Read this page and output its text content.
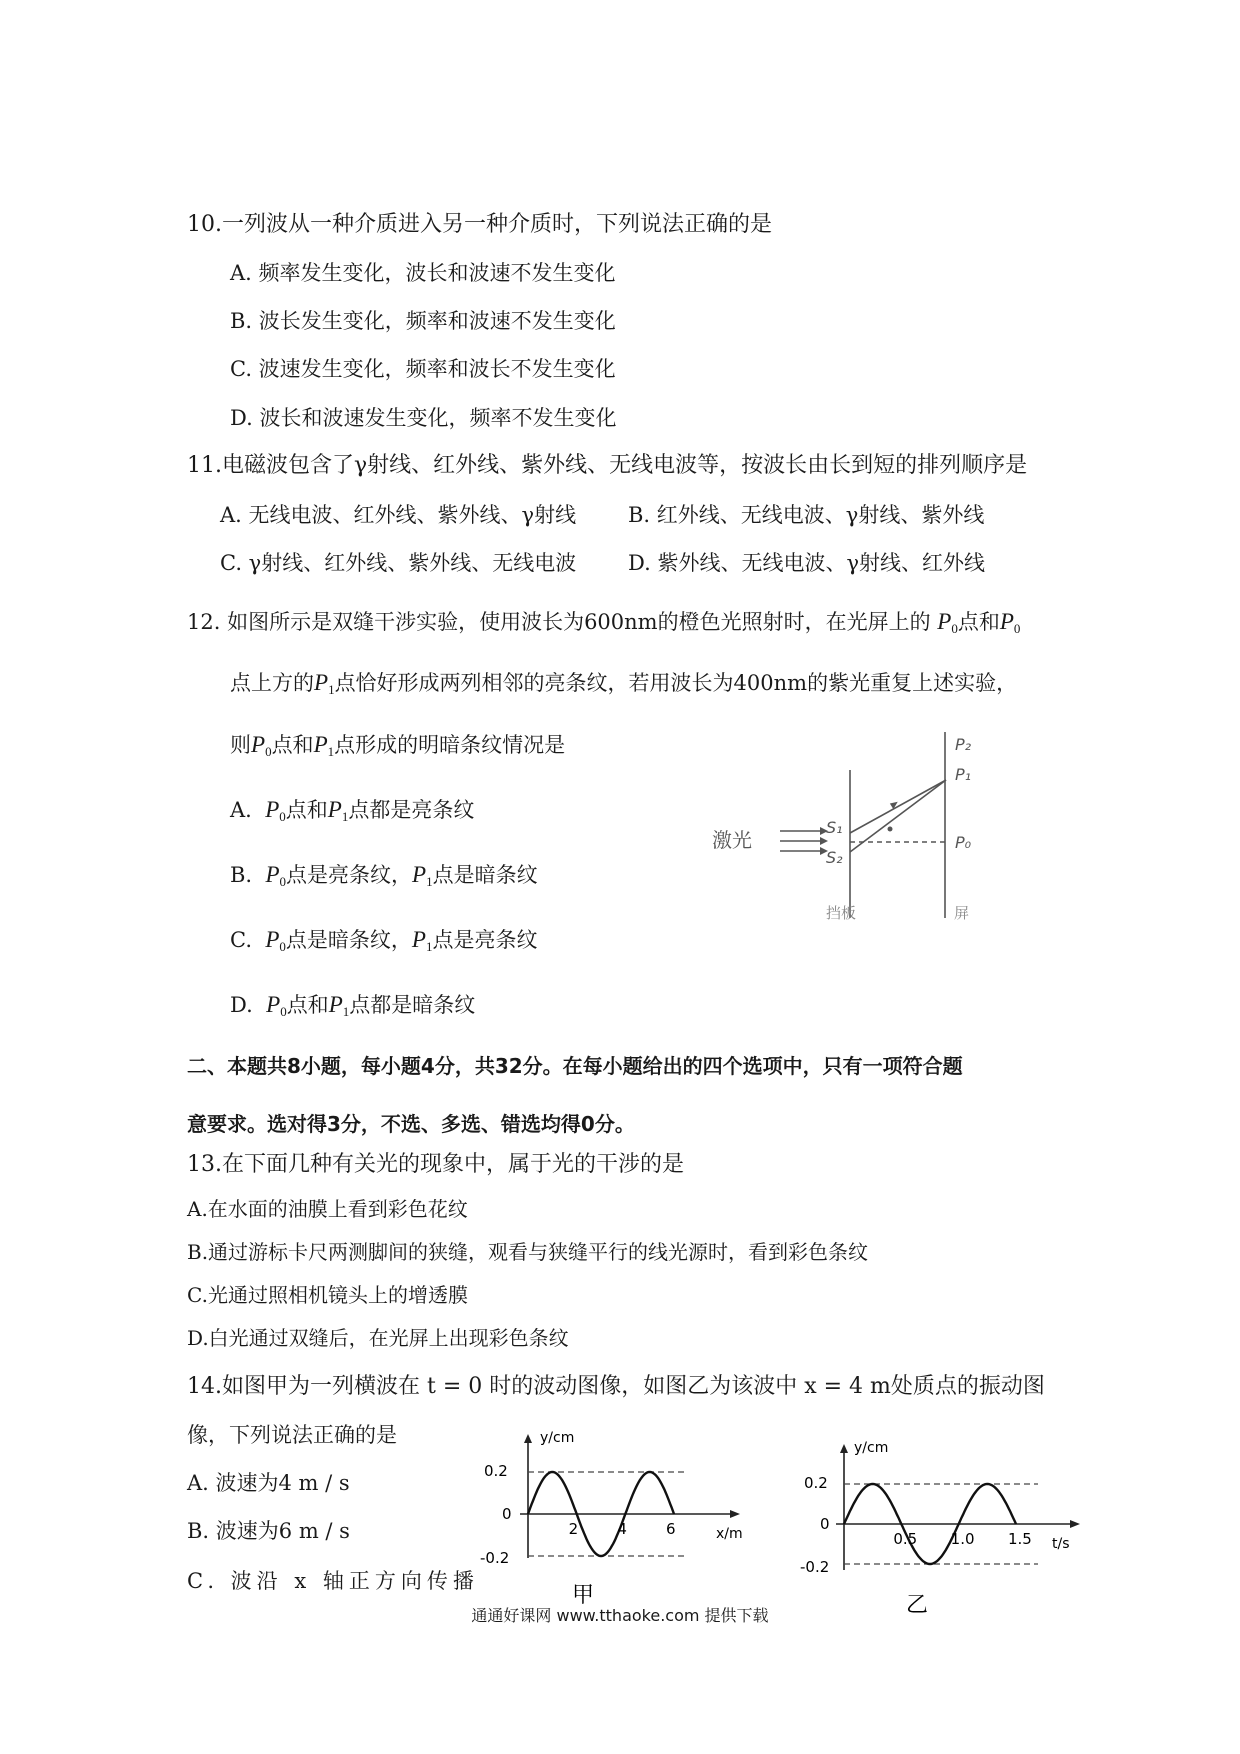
10.一列波从一种介质进入另一种介质时，下列说法正确的是
A. 频率发生变化，波长和波速不发生变化
B. 波长发生变化，频率和波速不发生变化
C. 波速发生变化，频率和波长不发生变化
D. 波长和波速发生变化，频率不发生变化
11.电磁波包含了γ射线、红外线、紫外线、无线电波等，按波长由长到短的排列顺序是
A. 无线电波、红外线、紫外线、γ射线 B. 红外线、无线电波、γ射线、紫外线
C. γ射线、红外线、紫外线、无线电波 D. 紫外线、无线电波、γ射线、红外线
12. 如图所示是双缝干涉实验，使用波长为600nm的橙色光照射时，在光屏上的 $P_0$点和$P_0$
点上方的$P_1$点恰好形成两列相邻的亮条纹，若用波长为400nm的紫光重复上述实验，
则$P_0$点和$P_1$点形成的明暗条纹情况是
A. $P_0$点和$P_1$点都是亮条纹
B. $P_0$点是亮条纹，$P_1$点是暗条纹
C. $P_0$点是暗条纹，$P_1$点是亮条纹
D. $P_0$点和$P_1$点都是暗条纹
激光
S₁
S₂
P₂
P₁
P₀
挡板	屏
二、本题共8小题，每小题4分，共32分。在每小题给出的四个选项中，只有一项符合题
意要求。选对得3分，不选、多选、错选均得0分。
13.在下面几种有关光的现象中，属于光的干涉的是
A.在水面的油膜上看到彩色花纹
B.通过游标卡尺两测脚间的狭缝，观看与狭缝平行的线光源时，看到彩色条纹
C.光通过照相机镜头上的增透膜
D.白光通过双缝后，在光屏上出现彩色条纹
14.如图甲为一列横波在 t = 0 时的波动图像，如图乙为该波中 x = 4 m处质点的振动图
像，下列说法正确的是
A. 波速为4 m / s
B. 波速为6 m / s
C. 波沿 x 轴正方向传播
y/cm
x/m
0.2
0
-0.2
2	4	6
甲
y/cm
t/s
0.2
0
-0.2
0.5 1.0 1.5
乙
通通好课网 www.tthaoke.com 提供下载
